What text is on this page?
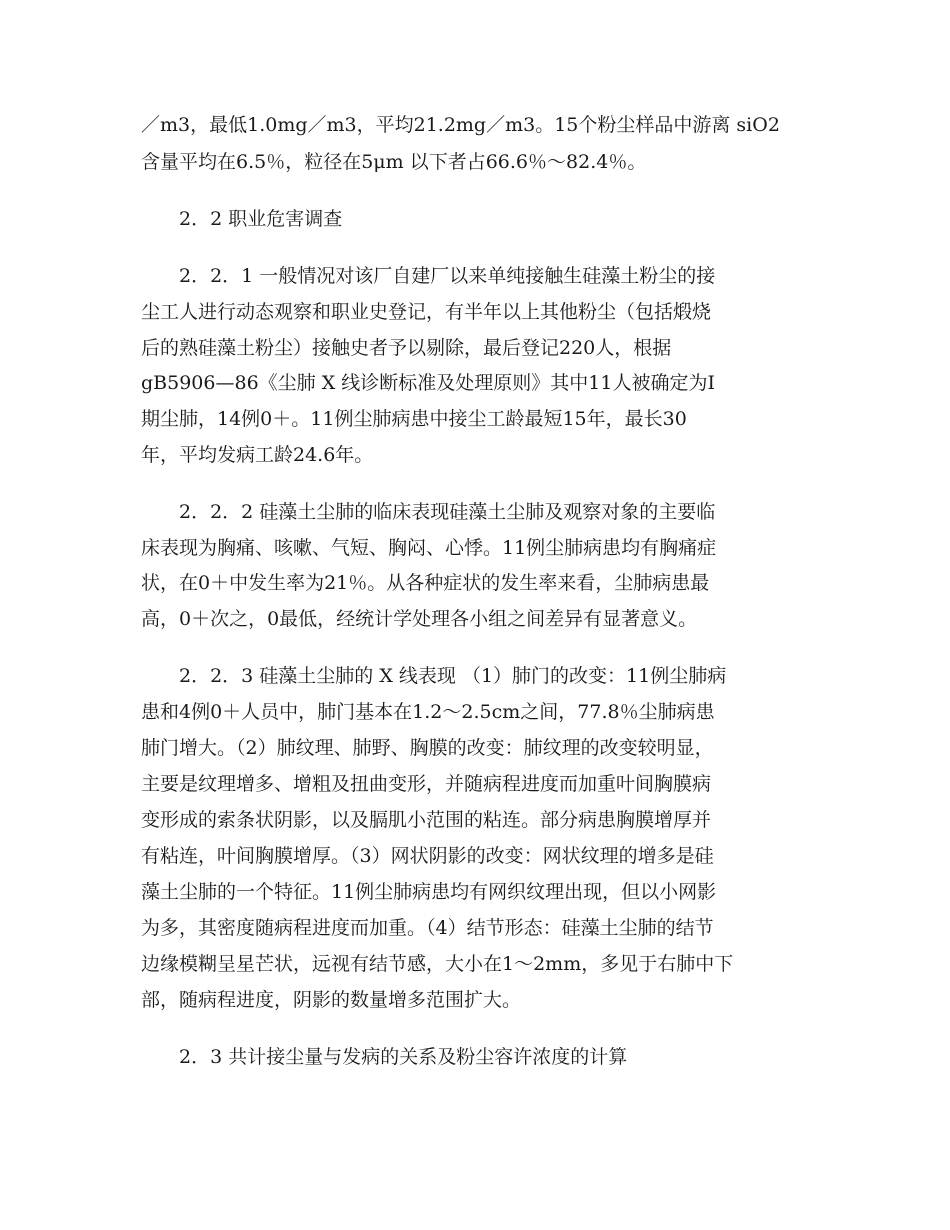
／m3，最低1.0mg／m3，平均21.2mg／m3。15个粉尘样品中游离 siO2
含量平均在6.5％，粒径在5μm 以下者占66.6％～82.4％。
2．2 职业危害调查
2．2．1 一般情况对该厂自建厂以来单纯接触生硅藻土粉尘的接
尘工人进行动态观察和职业史登记，有半年以上其他粉尘（包括煅烧
后的熟硅藻土粉尘）接触史者予以剔除，最后登记220人，根据
gB5906—86《尘肺 X 线诊断标准及处理原则》其中11人被确定为Ⅰ
期尘肺，14例0＋。11例尘肺病患中接尘工龄最短15年，最长30
年，平均发病工龄24.6年。
2．2．2 硅藻土尘肺的临床表现硅藻土尘肺及观察对象的主要临
床表现为胸痛、咳嗽、气短、胸闷、心悸。11例尘肺病患均有胸痛症
状，在0＋中发生率为21％。从各种症状的发生率来看，尘肺病患最
高，0＋次之，0最低，经统计学处理各小组之间差异有显著意义。
2．2．3 硅藻土尘肺的 X 线表现 （1）肺门的改变：11例尘肺病
患和4例0＋人员中，肺门基本在1.2～2.5cm之间，77.8％尘肺病患
肺门增大。（2）肺纹理、肺野、胸膜的改变：肺纹理的改变较明显，
主要是纹理增多、增粗及扭曲变形，并随病程进度而加重叶间胸膜病
变形成的索条状阴影，以及膈肌小范围的粘连。部分病患胸膜增厚并
有粘连，叶间胸膜增厚。（3）网状阴影的改变：网状纹理的增多是硅
藻土尘肺的一个特征。11例尘肺病患均有网织纹理出现，但以小网影
为多，其密度随病程进度而加重。（4）结节形态：硅藻土尘肺的结节
边缘模糊呈星芒状，远视有结节感，大小在1～2mm，多见于右肺中下
部，随病程进度，阴影的数量增多范围扩大。
2．3 共计接尘量与发病的关系及粉尘容许浓度的计算
